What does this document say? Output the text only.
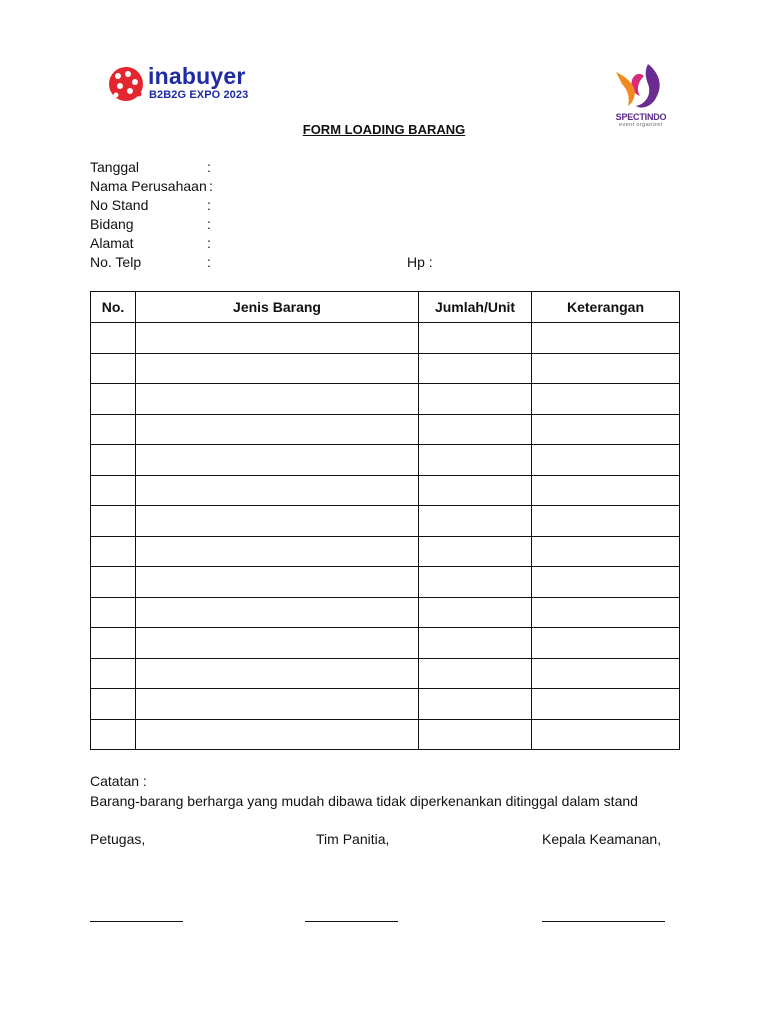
inabuyer
B2B2G EXPO 2023
SPECTINDO
event organizer
FORM LOADING BARANG
Tanggal	:
Nama Perusahaan :
No Stand	:
Bidang	:
Alamat	:
No. Telp	:	Hp :
No.	Jenis Barang	Jumlah/Unit	Keterangan

Catatan :
Barang-barang berharga yang mudah dibawa tidak diperkenankan ditinggal dalam stand
Petugas,	Tim Panitia,	Kepala Keamanan,
